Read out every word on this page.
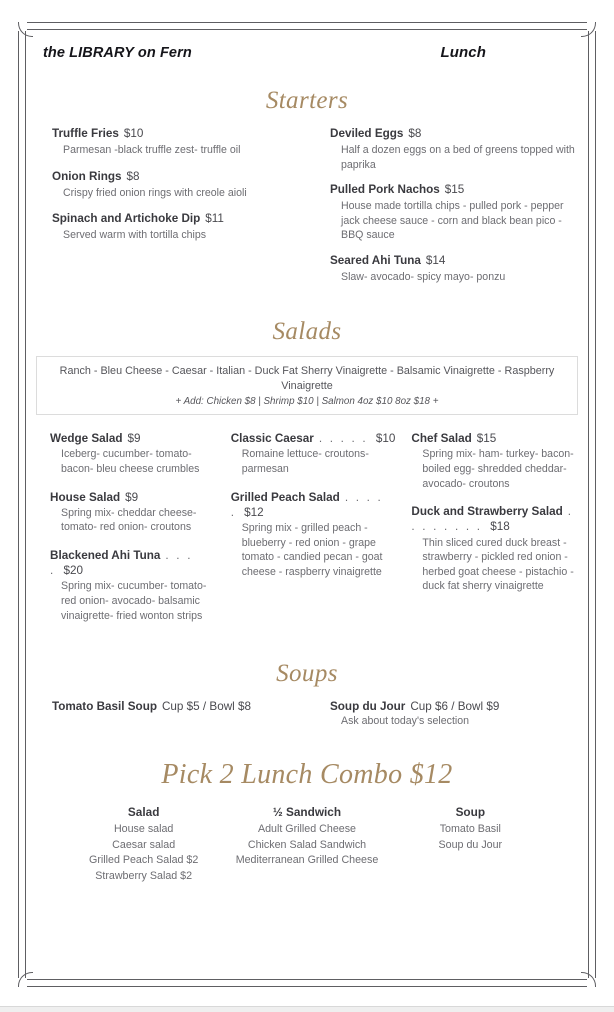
the LIBRARY on Fern	Lunch
Starters
Truffle Fries $10
Parmesan -black truffle zest- truffle oil
Onion Rings $8
Crispy fried onion rings with creole aioli
Spinach and Artichoke Dip $11
Served warm with tortilla chips
Deviled Eggs $8
Half a dozen eggs on a bed of greens topped with paprika
Pulled Pork Nachos $15
House made tortilla chips - pulled pork - pepper jack cheese sauce - corn and black bean pico - BBQ sauce
Seared Ahi Tuna $14
Slaw- avocado- spicy mayo- ponzu
Salads
Ranch - Bleu Cheese - Caesar - Italian - Duck Fat Sherry Vinaigrette - Balsamic Vinaigrette - Raspberry Vinaigrette
+ Add: Chicken $8 | Shrimp $10 | Salmon 4oz $10 8oz $18 +
Wedge Salad $9
Iceberg- cucumber- tomato- bacon- bleu cheese crumbles
House Salad $9
Spring mix- cheddar cheese- tomato- red onion- croutons
Blackened Ahi Tuna . . . . $20
Spring mix- cucumber- tomato- red onion- avocado- balsamic vinaigrette- fried wonton strips
Classic Caesar . . . . . $10
Romaine lettuce- croutons- parmesan
Grilled Peach Salad . . . . . $12
Spring mix - grilled peach - blueberry - red onion - grape tomato - candied pecan - goat cheese - raspberry vinaigrette
Chef Salad $15
Spring mix- ham- turkey- bacon- boiled egg- shredded cheddar- avocado- croutons
Duck and Strawberry Salad . . . . . . . . $18
Thin sliced cured duck breast - strawberry - pickled red onion - herbed goat cheese - pistachio - duck fat sherry vinaigrette
Soups
Tomato Basil Soup Cup $5 / Bowl $8	Soup du Jour Cup $6 / Bowl $9
Ask about today's selection
Pick 2 Lunch Combo $12
Salad
House salad
Caesar salad
Grilled Peach Salad $2
Strawberry Salad $2
½ Sandwich
Adult Grilled Cheese
Chicken Salad Sandwich
Mediterranean Grilled Cheese
Soup
Tomato Basil
Soup du Jour
